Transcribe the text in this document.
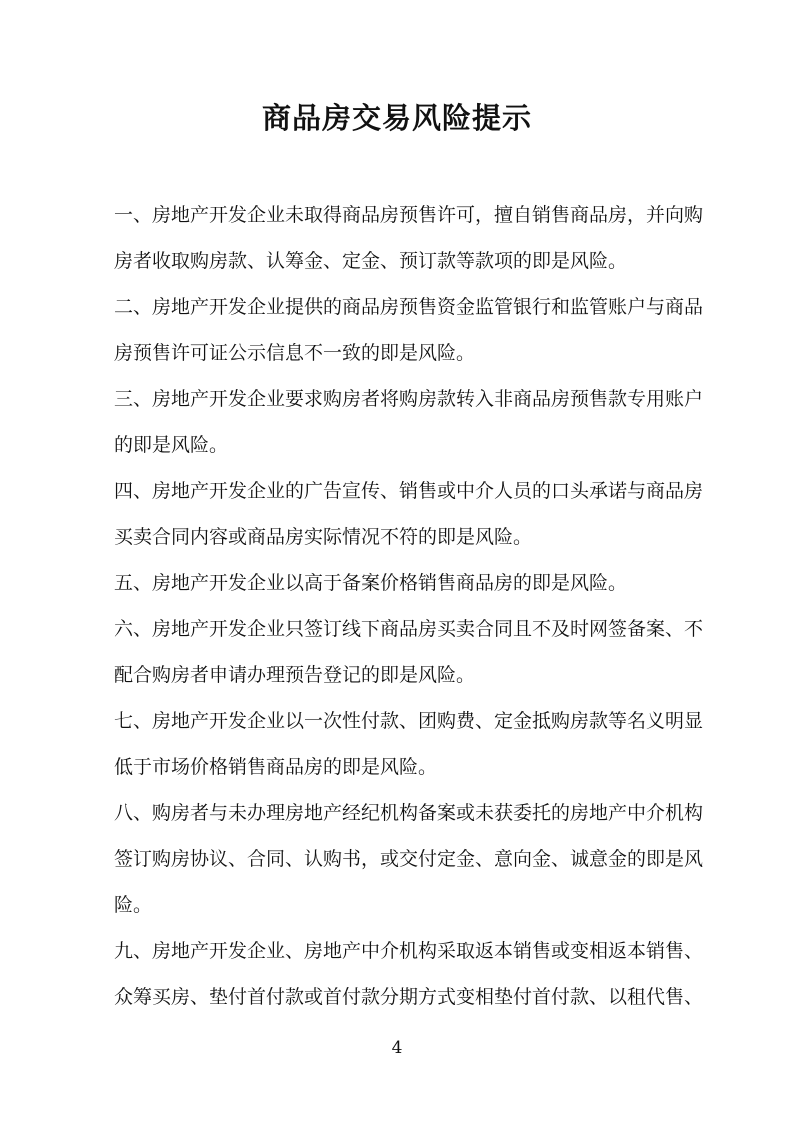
商品房交易风险提示
一、房地产开发企业未取得商品房预售许可，擅自销售商品房，并向购
房者收取购房款、认筹金、定金、预订款等款项的即是风险。
二、房地产开发企业提供的商品房预售资金监管银行和监管账户与商品
房预售许可证公示信息不一致的即是风险。
三、房地产开发企业要求购房者将购房款转入非商品房预售款专用账户
的即是风险。
四、房地产开发企业的广告宣传、销售或中介人员的口头承诺与商品房
买卖合同内容或商品房实际情况不符的即是风险。
五、房地产开发企业以高于备案价格销售商品房的即是风险。
六、房地产开发企业只签订线下商品房买卖合同且不及时网签备案、不
配合购房者申请办理预告登记的即是风险。
七、房地产开发企业以一次性付款、团购费、定金抵购房款等名义明显
低于市场价格销售商品房的即是风险。
八、购房者与未办理房地产经纪机构备案或未获委托的房地产中介机构
签订购房协议、合同、认购书，或交付定金、意向金、诚意金的即是风
险。
九、房地产开发企业、房地产中介机构采取返本销售或变相返本销售、
众筹买房、垫付首付款或首付款分期方式变相垫付首付款、以租代售、
4
